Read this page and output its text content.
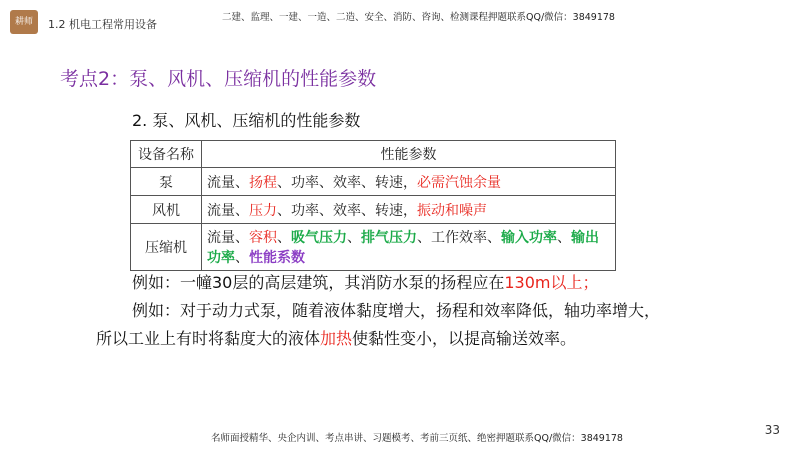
耕师	1.2 机电工程常用设备
二建、监理、一建、一造、二造、安全、消防、咨询、检测课程押题联系QQ/微信：3849178
考点2：泵、风机、压缩机的性能参数
2. 泵、风机、压缩机的性能参数
设备名称	性能参数
泵	流量、扬程、功率、效率、转速，必需汽蚀余量
风机	流量、压力、功率、效率、转速，振动和噪声
压缩机	流量、容积、吸气压力、排气压力、工作效率、输入功率、输出功率、性能系数
例如：一幢30层的高层建筑，其消防水泵的扬程应在130m以上；
例如：对于动力式泵，随着液体黏度增大，扬程和效率降低，轴功率增大，
所以工业上有时将黏度大的液体加热使黏性变小，以提高输送效率。
33
名师面授精华、央企内训、考点串讲、习题模考、考前三页纸、绝密押题联系QQ/微信：3849178
